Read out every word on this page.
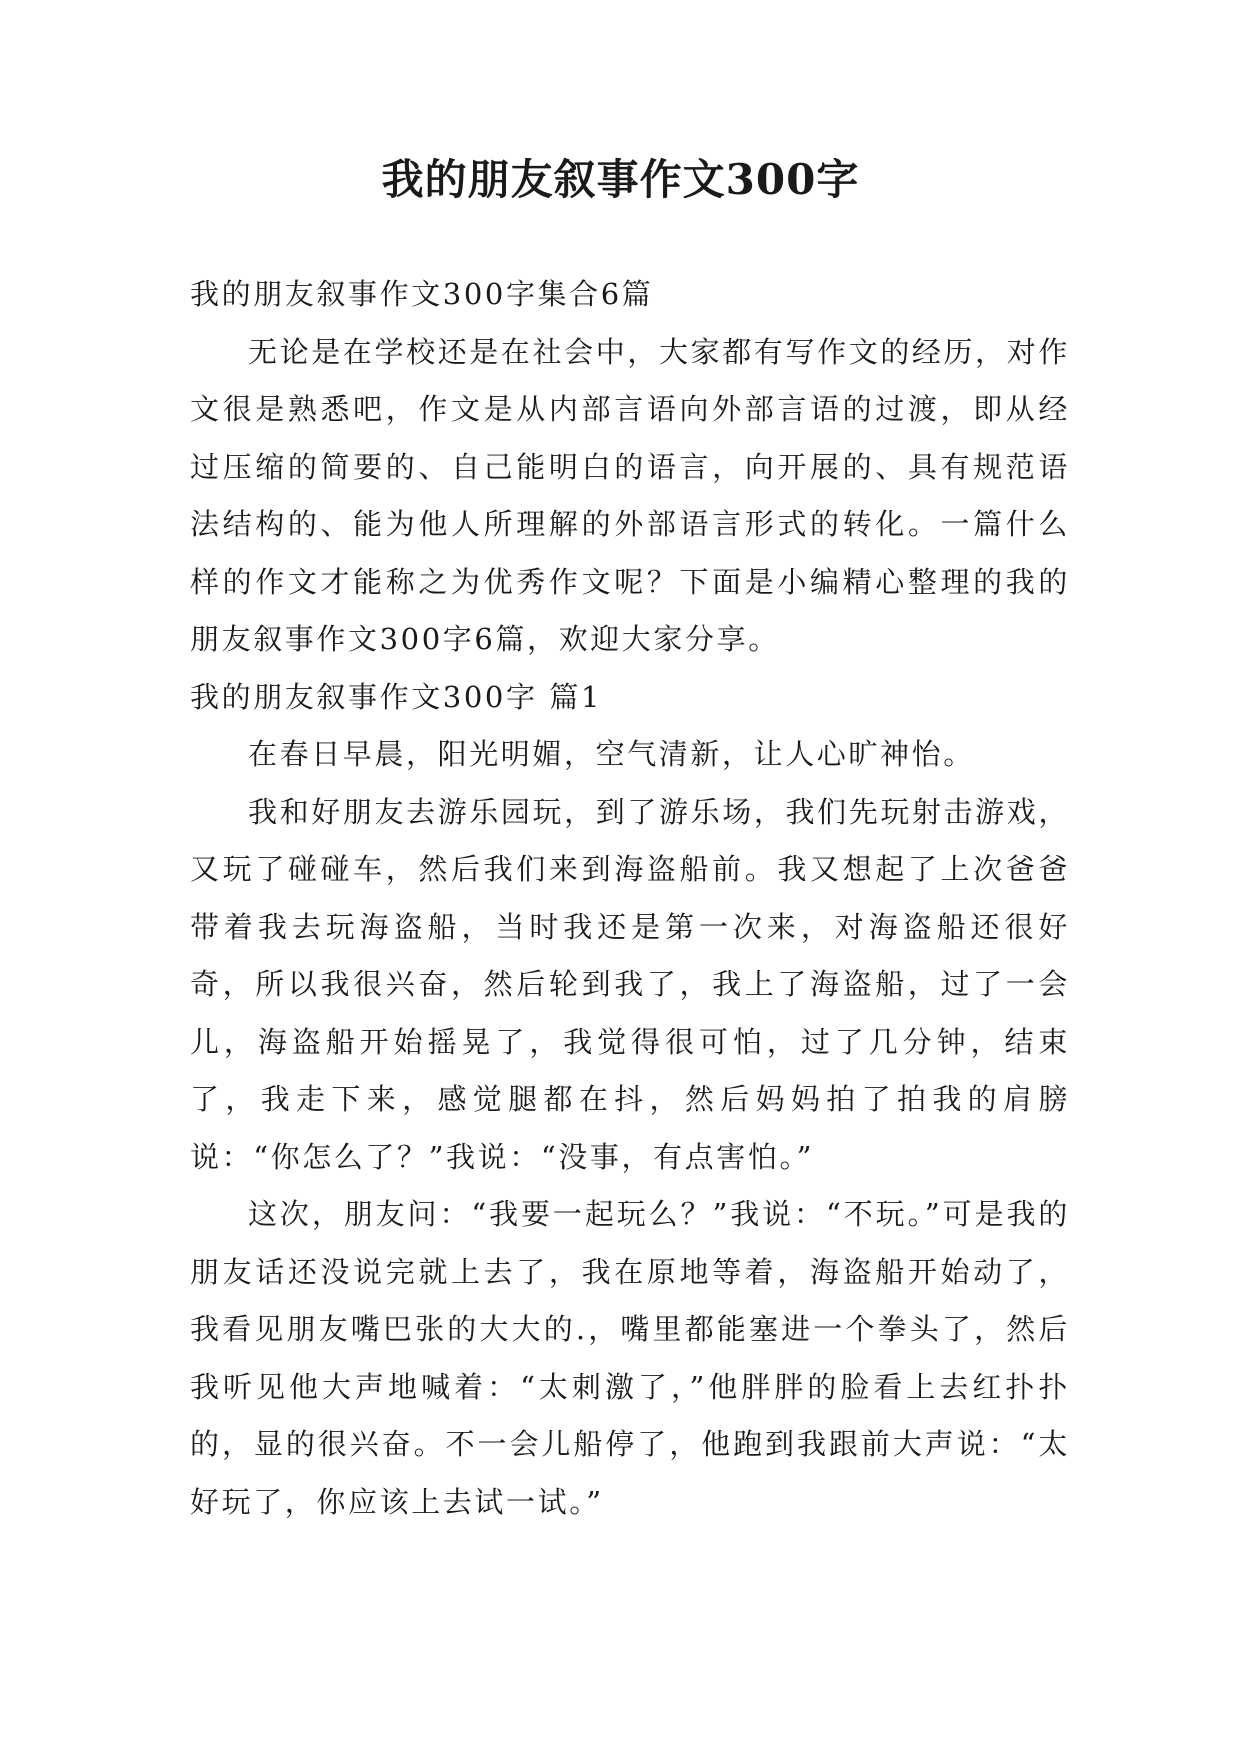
我的朋友叙事作文300字

我的朋友叙事作文300字集合6篇

无论是在学校还是在社会中，大家都有写作文的经历，对作文很是熟悉吧，作文是从内部言语向外部言语的过渡，即从经过压缩的简要的、自己能明白的语言，向开展的、具有规范语法结构的、能为他人所理解的外部语言形式的转化。一篇什么样的作文才能称之为优秀作文呢？下面是小编精心整理的我的朋友叙事作文300字6篇，欢迎大家分享。

我的朋友叙事作文300字 篇1

在春日早晨，阳光明媚，空气清新，让人心旷神怡。

我和好朋友去游乐园玩，到了游乐场，我们先玩射击游戏，又玩了碰碰车，然后我们来到海盗船前。我又想起了上次爸爸带着我去玩海盗船，当时我还是第一次来，对海盗船还很好奇，所以我很兴奋，然后轮到我了，我上了海盗船，过了一会儿，海盗船开始摇晃了，我觉得很可怕，过了几分钟，结束了，我走下来，感觉腿都在抖，然后妈妈拍了拍我的肩膀说：“你怎么了？”我说：“没事，有点害怕。”

这次，朋友问：“我要一起玩么？”我说：“不玩。”可是我的朋友话还没说完就上去了，我在原地等着，海盗船开始动了，我看见朋友嘴巴张的大大的.，嘴里都能塞进一个拳头了，然后我听见他大声地喊着：“太刺激了，”他胖胖的脸看上去红扑扑的，显的很兴奋。不一会儿船停了，他跑到我跟前大声说：“太好玩了，你应该上去试一试。”
